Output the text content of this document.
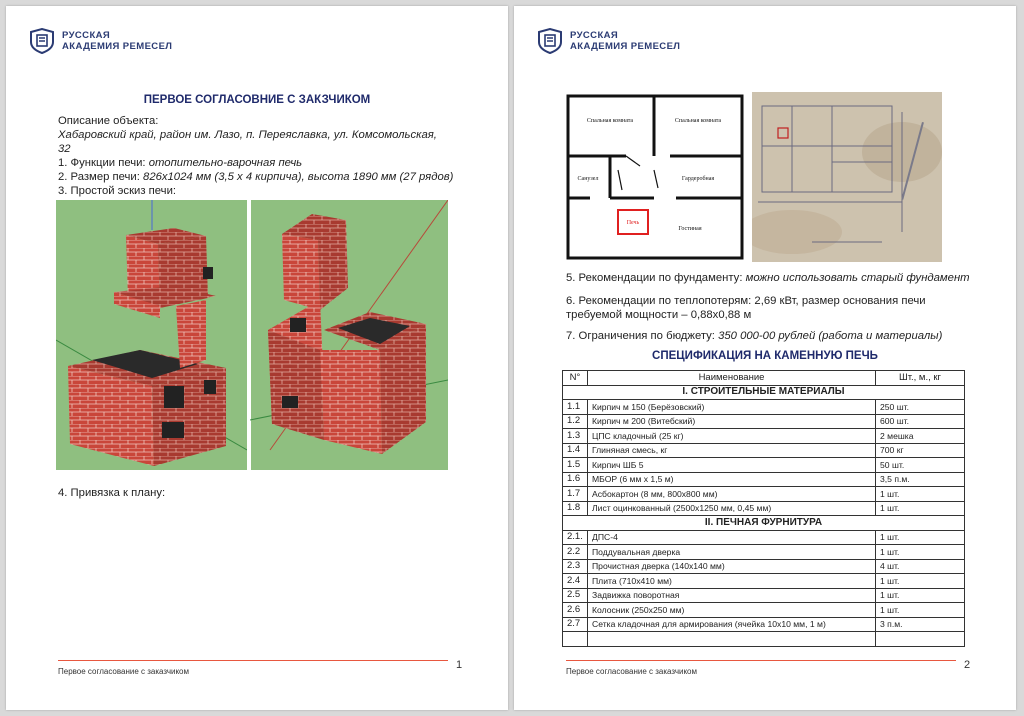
РУССКАЯ
АКАДЕМИЯ РЕМЕСЕЛ
ПЕРВОЕ СОГЛАСОВНИЕ С ЗАКЗЧИКОМ
Описание объекта:
Хабаровский край, район им. Лазо, п. Переяславка, ул. Комсомольская,
32
1. Функции печи: отопительно-варочная печь
2. Размер печи: 826х1024 мм (3,5 х 4 кирпича), высота 1890 мм (27 рядов)
3. Простой эскиз печи:
4. Привязка к плану:
Первое согласование с заказчиком
1
РУССКАЯ
АКАДЕМИЯ РЕМЕСЕЛ
Спальная комната	Спальная комната
Санузел	Гардеробная
Гостиная
Печь
5. Рекомендации по фундаменту: можно использовать старый фундамент
6. Рекомендации по теплопотерям: 2,69 кВт, размер основания печи
требуемой мощности – 0,88х0,88 м
7. Ограничения по бюджету: 350 000-00 рублей (работа и материалы)
СПЕЦИФИКАЦИЯ НА КАМЕННУЮ ПЕЧЬ
N°	Наименование	Шт., м., кг
I. СТРОИТЕЛЬНЫЕ МАТЕРИАЛЫ		
1.1	Кирпич м 150 (Берёзовский)	250 шт.
1.2	Кирпич м 200 (Витебский)	600 шт.
1.3	ЦПС кладочный (25 кг)	2 мешка
1.4	Глиняная смесь, кг	700 кг
1.5	Кирпич ШБ 5	50 шт.
1.6	МБОР (6 мм х 1,5 м)	3,5 п.м.
1.7	Асбокартон (8 мм, 800х800 мм)	1 шт.
1.8	Лист оцинкованный (2500х1250 мм, 0,45 мм)	1 шт.
II. ПЕЧНАЯ ФУРНИТУРА		
2.1.	ДПС-4	1 шт.
2.2	Поддувальная дверка	1 шт.
2.3	Прочистная дверка (140х140 мм)	4 шт.
2.4	Плита (710х410 мм)	1 шт.
2.5	Задвижка поворотная	1 шт.
2.6	Колосник (250х250 мм)	1 шт.
2.7	Сетка кладочная для армирования (ячейка 10х10 мм, 1 м)	3 п.м.

Первое согласование с заказчиком
2
